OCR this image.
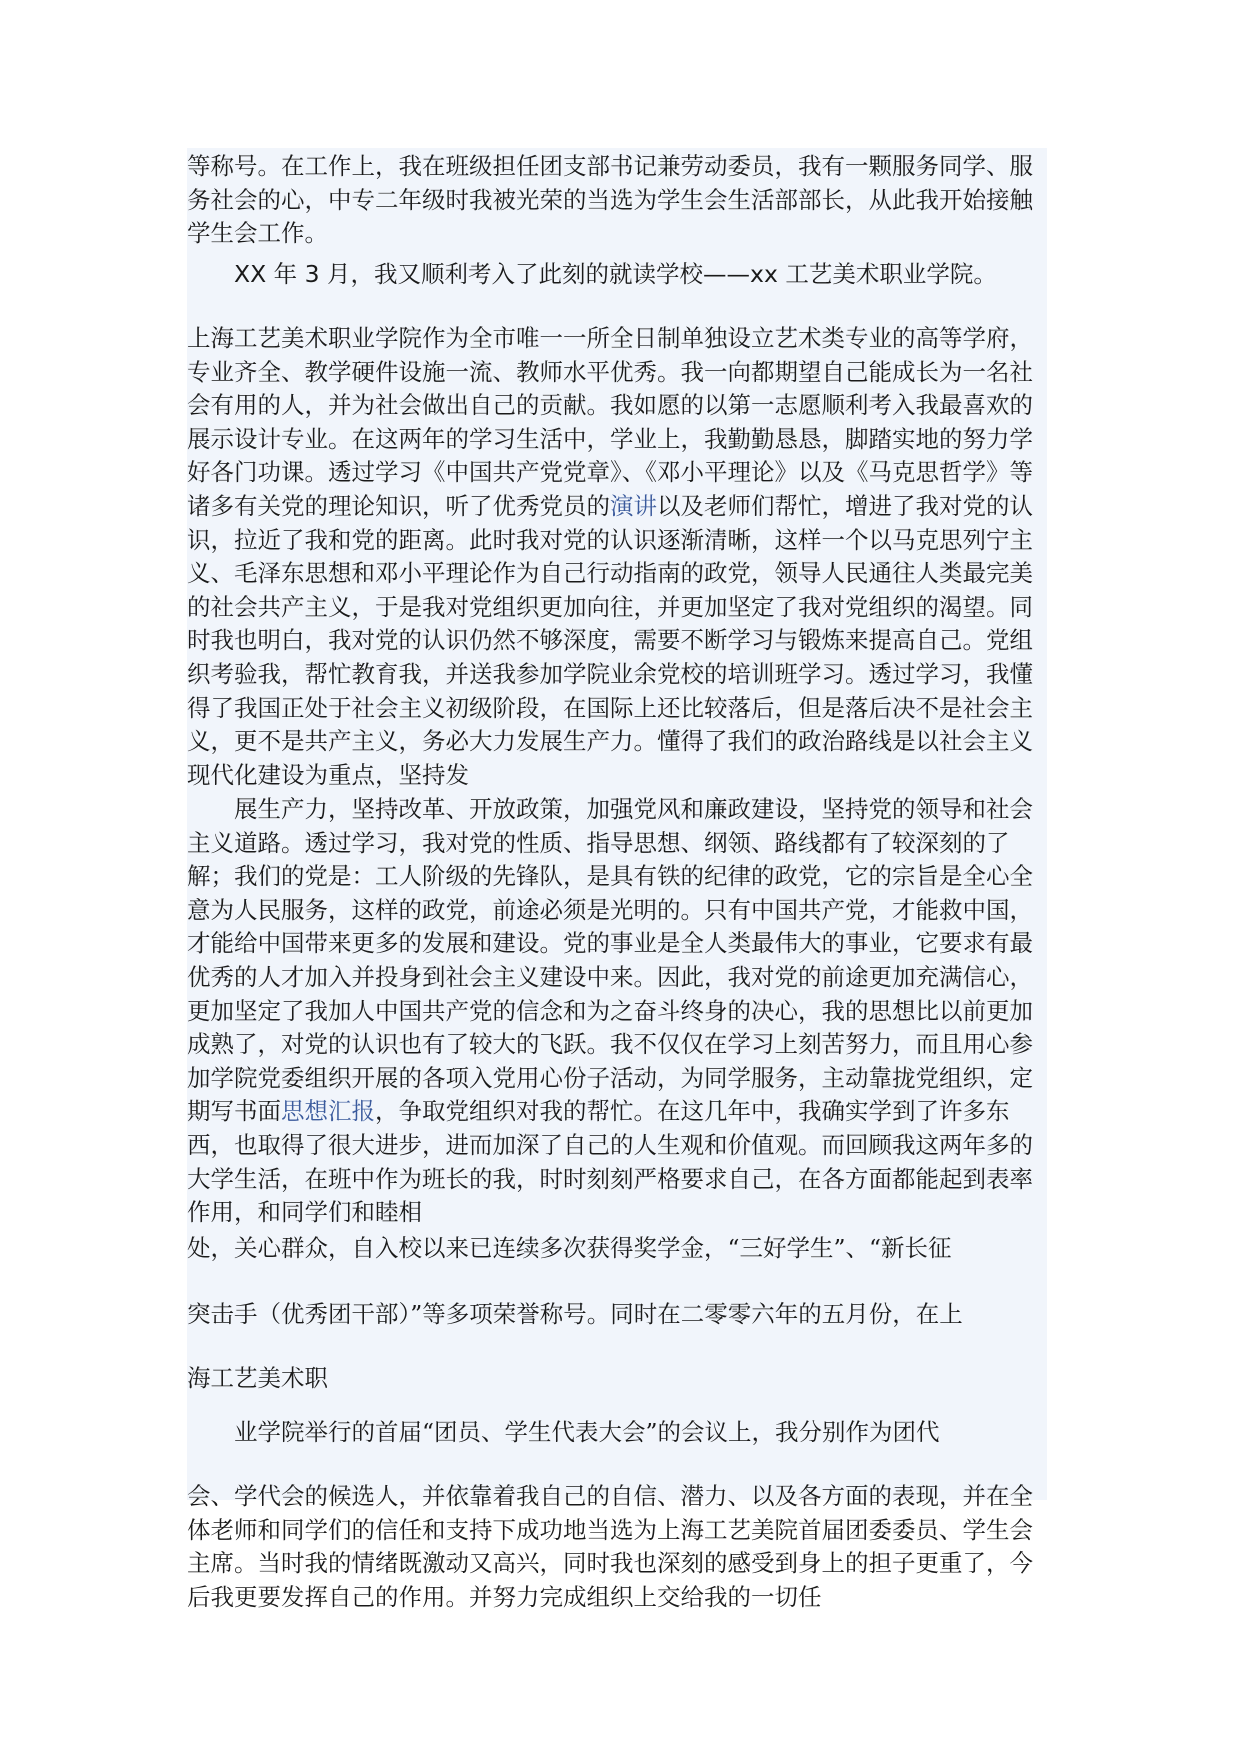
等称号。在工作上，我在班级担任团支部书记兼劳动委员，我有一颗服务同学、服务社会的心，中专二年级时我被光荣的当选为学生会生活部部长，从此我开始接触学生会工作。

XX 年 3 月，我又顺利考入了此刻的就读学校——xx 工艺美术职业学院。

上海工艺美术职业学院作为全市唯一一所全日制单独设立艺术类专业的高等学府，专业齐全、教学硬件设施一流、教师水平优秀。我一向都期望自己能成长为一名社会有用的人，并为社会做出自己的贡献。我如愿的以第一志愿顺利考入我最喜欢的展示设计专业。在这两年的学习生活中，学业上，我勤勤恳恳，脚踏实地的努力学好各门功课。透过学习《中国共产党党章》、《邓小平理论》以及《马克思哲学》等诸多有关党的理论知识，听了优秀党员的演讲以及老师们帮忙，增进了我对党的认识，拉近了我和党的距离。此时我对党的认识逐渐清晰，这样一个以马克思列宁主义、毛泽东思想和邓小平理论作为自己行动指南的政党，领导人民通往人类最完美的社会共产主义，于是我对党组织更加向往，并更加坚定了我对党组织的渴望。同时我也明白，我对党的认识仍然不够深度，需要不断学习与锻炼来提高自己。党组织考验我，帮忙教育我，并送我参加学院业余党校的培训班学习。透过学习，我懂得了我国正处于社会主义初级阶段，在国际上还比较落后，但是落后决不是社会主义，更不是共产主义，务必大力发展生产力。懂得了我们的政治路线是以社会主义现代化建设为重点，坚持发

展生产力，坚持改革、开放政策，加强党风和廉政建设，坚持党的领导和社会主义道路。透过学习，我对党的性质、指导思想、纲领、路线都有了较深刻的了解；我们的党是：工人阶级的先锋队，是具有铁的纪律的政党，它的宗旨是全心全意为人民服务，这样的政党，前途必须是光明的。只有中国共产党，才能救中国，才能给中国带来更多的发展和建设。党的事业是全人类最伟大的事业，它要求有最优秀的人才加入并投身到社会主义建设中来。因此，我对党的前途更加充满信心，更加坚定了我加人中国共产党的信念和为之奋斗终身的决心，我的思想比以前更加成熟了，对党的认识也有了较大的飞跃。我不仅仅在学习上刻苦努力，而且用心参加学院党委组织开展的各项入党用心份子活动，为同学服务，主动靠拢党组织，定期写书面思想汇报，争取党组织对我的帮忙。在这几年中，我确实学到了许多东西，也取得了很大进步，进而加深了自己的人生观和价值观。而回顾我这两年多的大学生活，在班中作为班长的我，时时刻刻严格要求自己，在各方面都能起到表率作用，和同学们和睦相

处，关心群众，自入校以来已连续多次获得奖学金，“三好学生”、“新长征

突击手（优秀团干部）”等多项荣誉称号。同时在二零零六年的五月份，在上

海工艺美术职

业学院举行的首届“团员、学生代表大会”的会议上，我分别作为团代

会、学代会的候选人，并依靠着我自己的自信、潜力、以及各方面的表现，并在全体老师和同学们的信任和支持下成功地当选为上海工艺美院首届团委委员、学生会主席。当时我的情绪既激动又高兴，同时我也深刻的感受到身上的担子更重了，今后我更要发挥自己的作用。并努力完成组织上交给我的一切任
